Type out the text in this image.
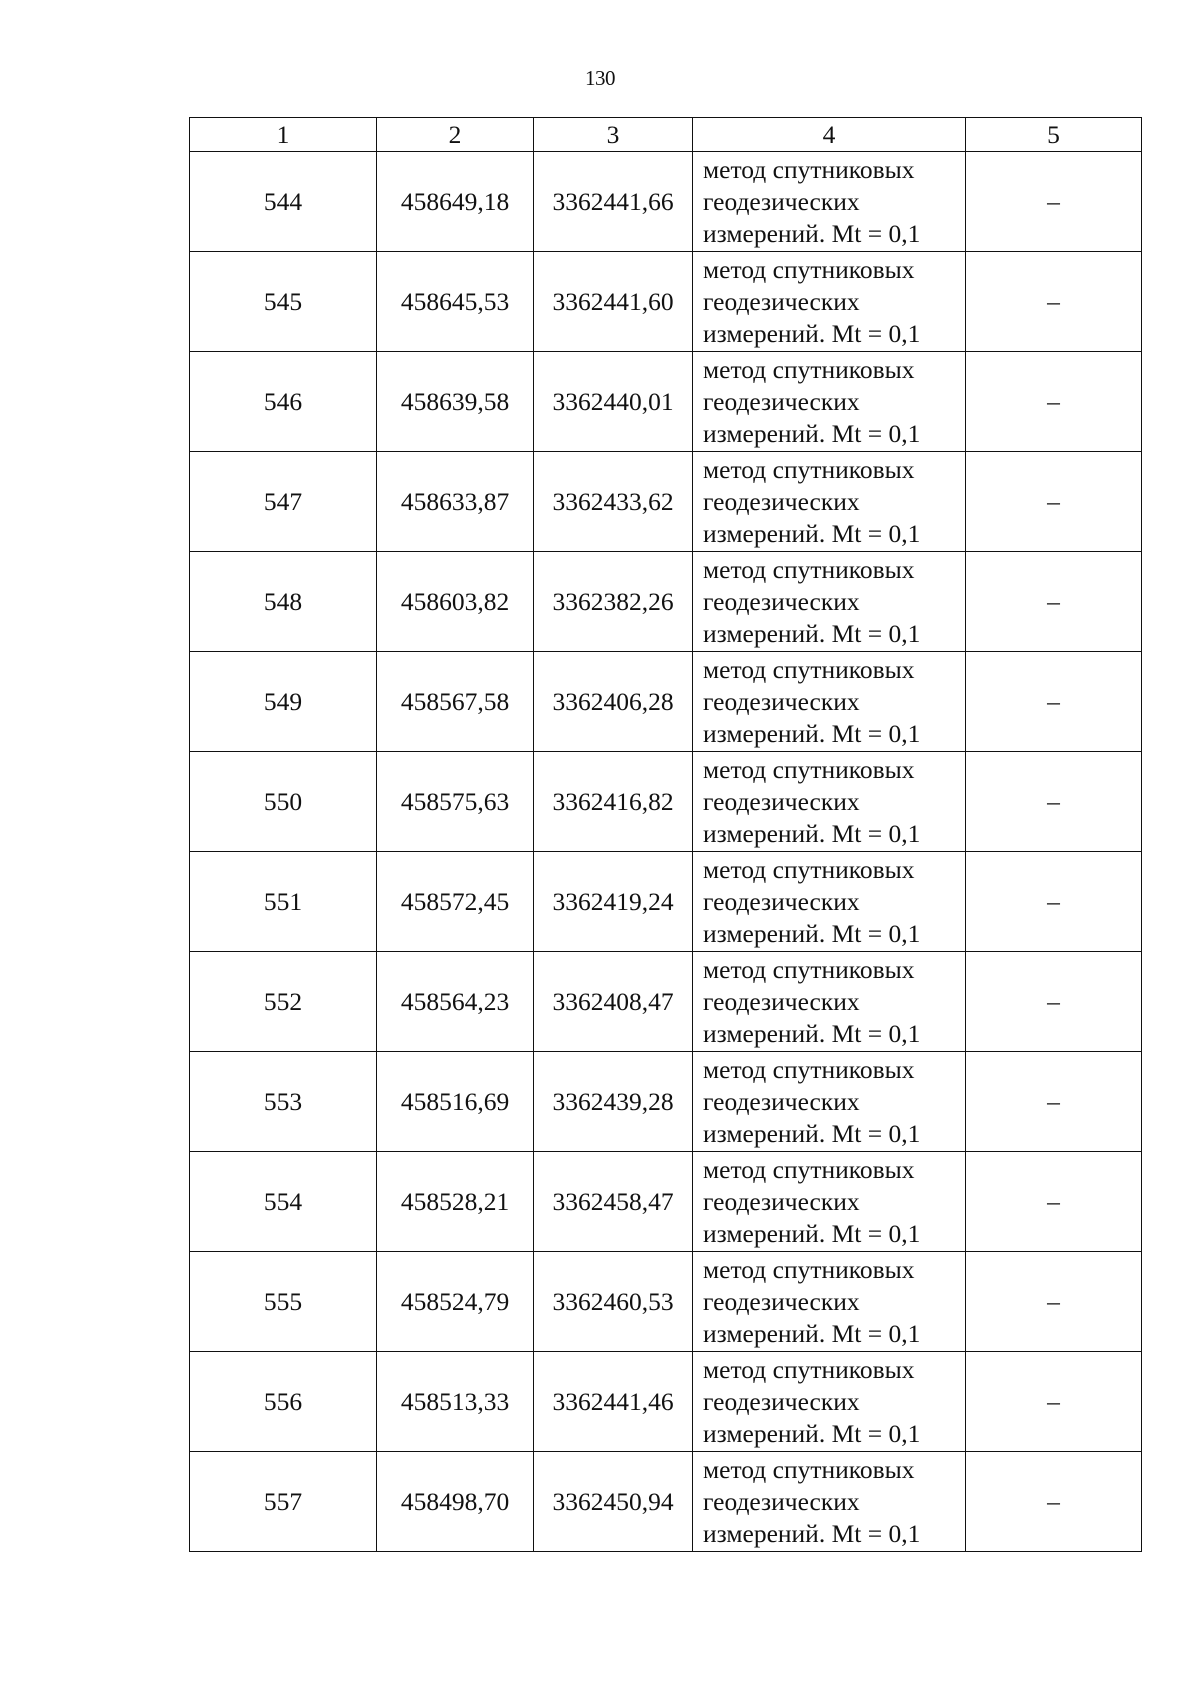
130
1	2	3	4	5
544	458649,18	3362441,66	метод спутниковых
геодезических
измерений. Mt = 0,1	–
545	458645,53	3362441,60	метод спутниковых
геодезических
измерений. Mt = 0,1	–
546	458639,58	3362440,01	метод спутниковых
геодезических
измерений. Mt = 0,1	–
547	458633,87	3362433,62	метод спутниковых
геодезических
измерений. Mt = 0,1	–
548	458603,82	3362382,26	метод спутниковых
геодезических
измерений. Mt = 0,1	–
549	458567,58	3362406,28	метод спутниковых
геодезических
измерений. Mt = 0,1	–
550	458575,63	3362416,82	метод спутниковых
геодезических
измерений. Mt = 0,1	–
551	458572,45	3362419,24	метод спутниковых
геодезических
измерений. Mt = 0,1	–
552	458564,23	3362408,47	метод спутниковых
геодезических
измерений. Mt = 0,1	–
553	458516,69	3362439,28	метод спутниковых
геодезических
измерений. Mt = 0,1	–
554	458528,21	3362458,47	метод спутниковых
геодезических
измерений. Mt = 0,1	–
555	458524,79	3362460,53	метод спутниковых
геодезических
измерений. Mt = 0,1	–
556	458513,33	3362441,46	метод спутниковых
геодезических
измерений. Mt = 0,1	–
557	458498,70	3362450,94	метод спутниковых
геодезических
измерений. Mt = 0,1	–
